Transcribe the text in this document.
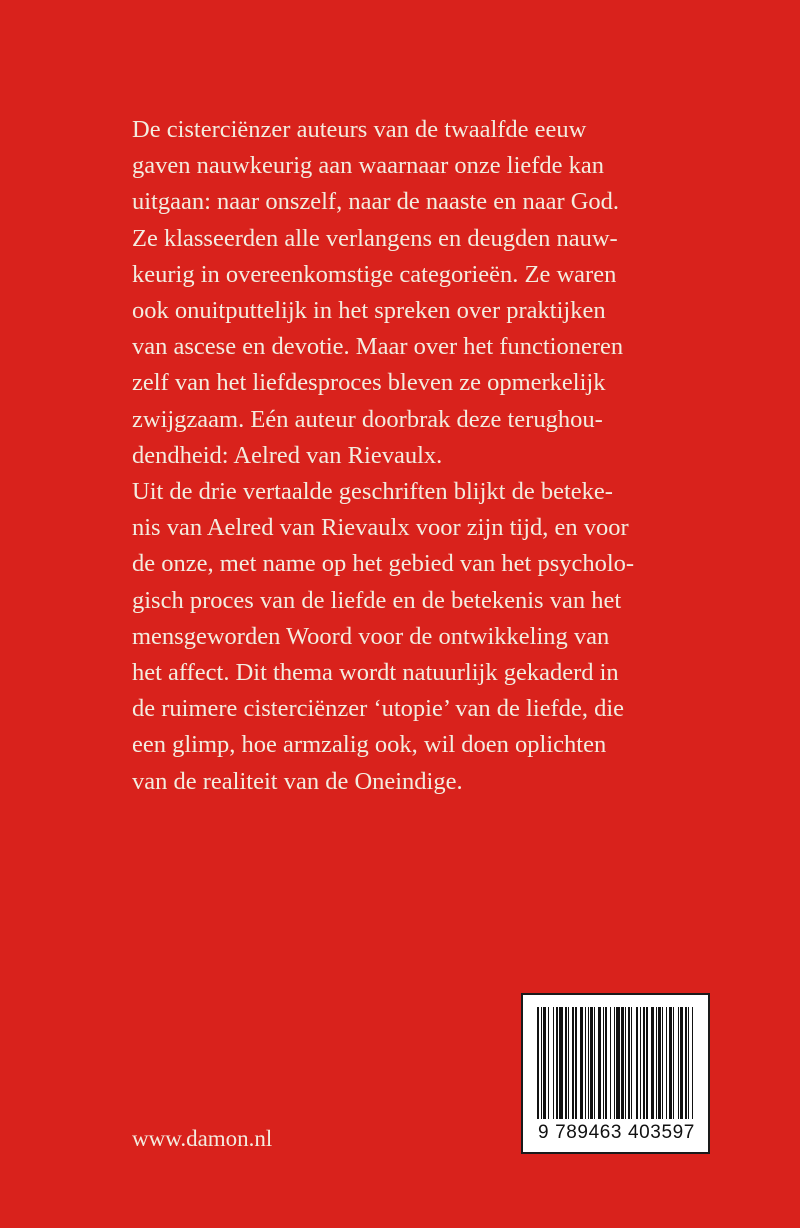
De cisterciënzer auteurs van de twaalfde eeuw

gaven nauwkeurig aan waarnaar onze liefde kan

uitgaan: naar onszelf, naar de naaste en naar God.

Ze klasseerden alle verlangens en deugden nauw-

keurig in overeenkomstige categorieën. Ze waren

ook onuitputtelijk in het spreken over praktijken

van ascese en devotie. Maar over het functioneren

zelf van het liefdesproces bleven ze opmerkelijk

zwijgzaam. Eén auteur doorbrak deze terughou-

dendheid: Aelred van Rievaulx.

Uit de drie vertaalde geschriften blijkt de beteke-

nis van Aelred van Rievaulx voor zijn tijd, en voor

de onze, met name op het gebied van het psycholo-

gisch proces van de liefde en de betekenis van het

mensgeworden Woord voor de ontwikkeling van

het affect. Dit thema wordt natuurlijk gekaderd in

de ruimere cisterciënzer ‘utopie’ van de liefde, die

een glimp, hoe armzalig ook, wil doen oplichten

van de realiteit van de Oneindige.

www.damon.nl	9 789463 403597
